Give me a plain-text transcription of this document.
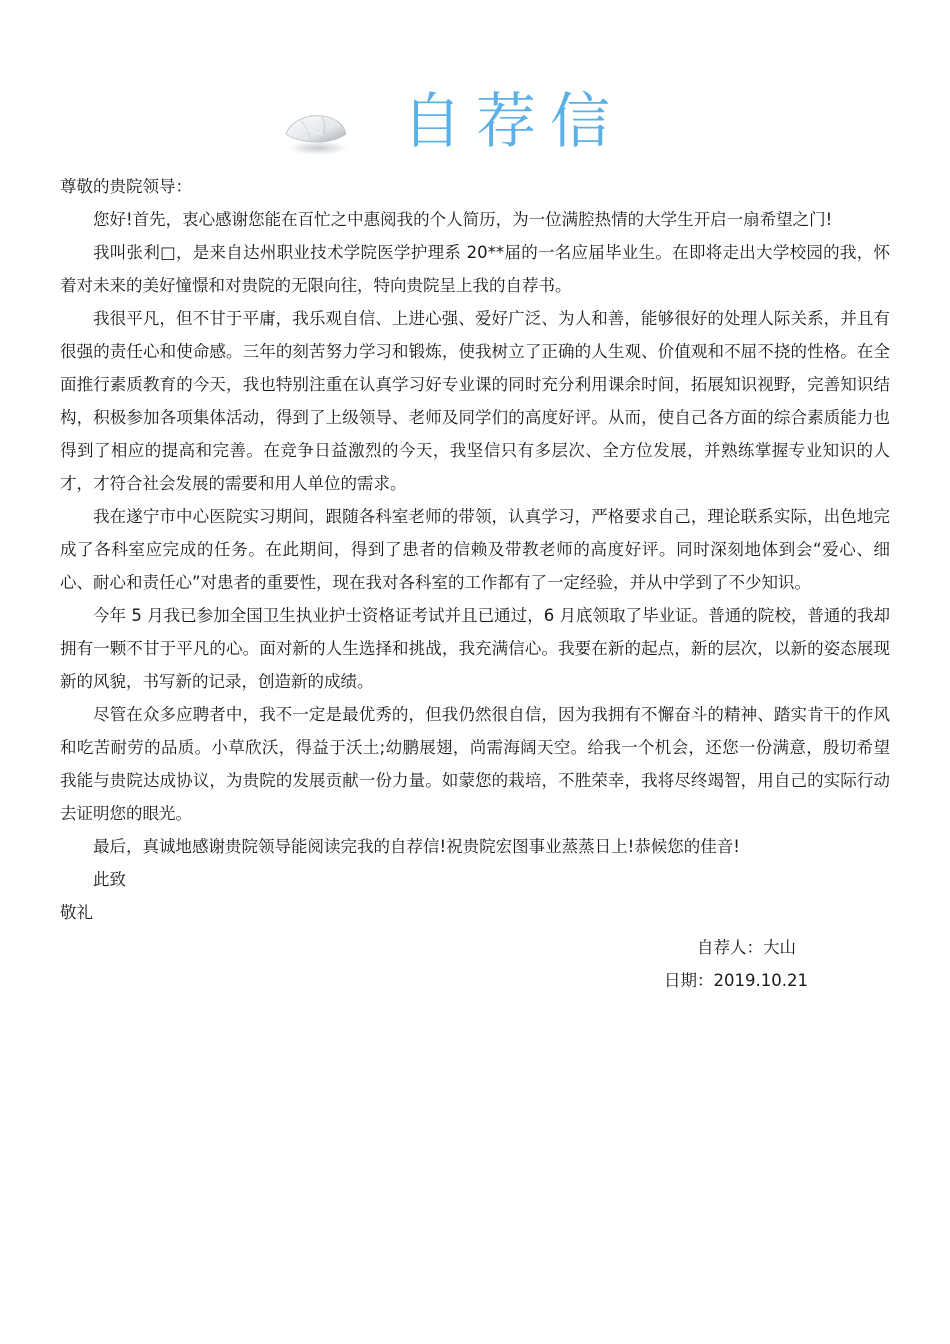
自荐信

尊敬的贵院领导：

您好!首先，衷心感谢您能在百忙之中惠阅我的个人简历，为一位满腔热情的大学生开启一扇希望之门!

我叫张利□，是来自达州职业技术学院医学护理系 20**届的一名应届毕业生。在即将走出大学校园的我，怀着对未来的美好憧憬和对贵院的无限向往，特向贵院呈上我的自荐书。

我很平凡，但不甘于平庸，我乐观自信、上进心强、爱好广泛、为人和善，能够很好的处理人际关系，并且有很强的责任心和使命感。三年的刻苦努力学习和锻炼，使我树立了正确的人生观、价值观和不屈不挠的性格。在全面推行素质教育的今天，我也特别注重在认真学习好专业课的同时充分利用课余时间，拓展知识视野，完善知识结构，积极参加各项集体活动，得到了上级领导、老师及同学们的高度好评。从而，使自己各方面的综合素质能力也得到了相应的提高和完善。在竞争日益激烈的今天，我坚信只有多层次、全方位发展，并熟练掌握专业知识的人才，才符合社会发展的需要和用人单位的需求。

我在遂宁市中心医院实习期间，跟随各科室老师的带领，认真学习，严格要求自己，理论联系实际，出色地完成了各科室应完成的任务。在此期间，得到了患者的信赖及带教老师的高度好评。同时深刻地体到会“爱心、细心、耐心和责任心”对患者的重要性，现在我对各科室的工作都有了一定经验，并从中学到了不少知识。

今年 5 月我已参加全国卫生执业护士资格证考试并且已通过，6 月底领取了毕业证。普通的院校，普通的我却拥有一颗不甘于平凡的心。面对新的人生选择和挑战，我充满信心。我要在新的起点，新的层次，以新的姿态展现新的风貌，书写新的记录，创造新的成绩。

尽管在众多应聘者中，我不一定是最优秀的，但我仍然很自信，因为我拥有不懈奋斗的精神、踏实肯干的作风和吃苦耐劳的品质。小草欣沃，得益于沃土;幼鹏展翅，尚需海阔天空。给我一个机会，还您一份满意，殷切希望我能与贵院达成协议，为贵院的发展贡献一份力量。如蒙您的栽培，不胜荣幸，我将尽终竭智，用自己的实际行动去证明您的眼光。

最后，真诚地感谢贵院领导能阅读完我的自荐信!祝贵院宏图事业蒸蒸日上!恭候您的佳音!

此致

敬礼

自荐人：大山
日期：2019.10.21
